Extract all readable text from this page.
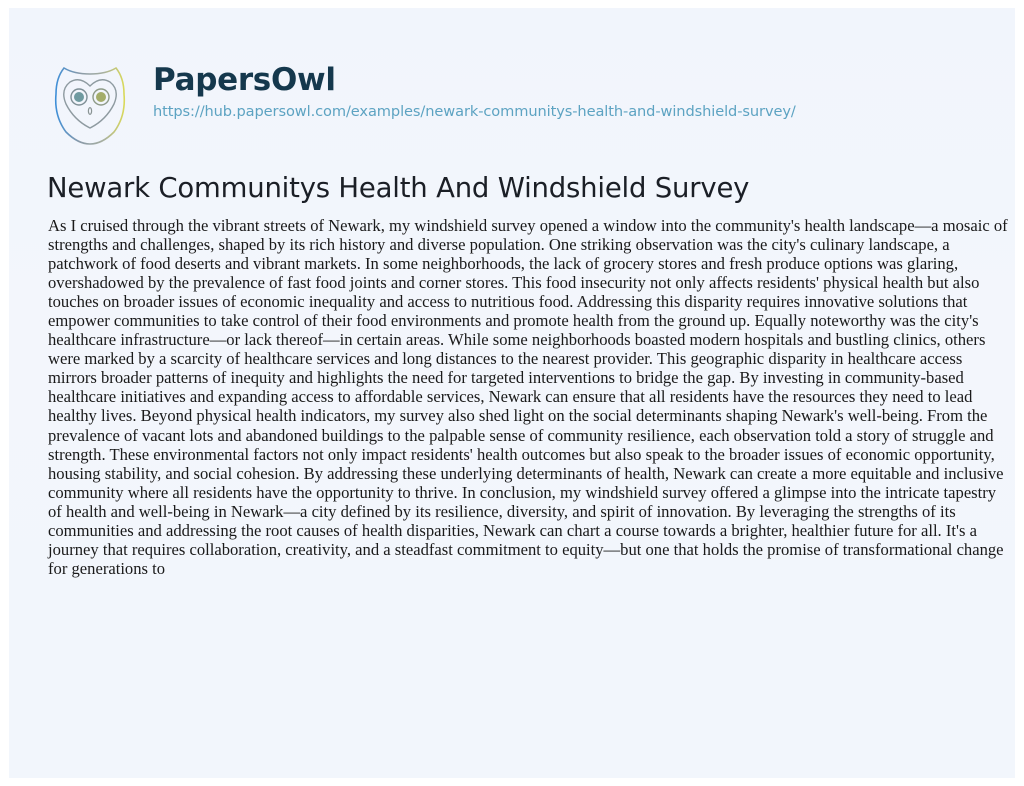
PapersOwl
https://hub.papersowl.com/examples/newark-communitys-health-and-windshield-survey/
Newark Communitys Health And Windshield Survey
As I cruised through the vibrant streets of Newark, my windshield survey opened a window into the community's health landscape—a mosaic of
strengths and challenges, shaped by its rich history and diverse population. One striking observation was the city's culinary landscape, a
patchwork of food deserts and vibrant markets. In some neighborhoods, the lack of grocery stores and fresh produce options was glaring,
overshadowed by the prevalence of fast food joints and corner stores. This food insecurity not only affects residents' physical health but also
touches on broader issues of economic inequality and access to nutritious food. Addressing this disparity requires innovative solutions that
empower communities to take control of their food environments and promote health from the ground up. Equally noteworthy was the city's
healthcare infrastructure—or lack thereof—in certain areas. While some neighborhoods boasted modern hospitals and bustling clinics, others
were marked by a scarcity of healthcare services and long distances to the nearest provider. This geographic disparity in healthcare access
mirrors broader patterns of inequity and highlights the need for targeted interventions to bridge the gap. By investing in community-based
healthcare initiatives and expanding access to affordable services, Newark can ensure that all residents have the resources they need to lead
healthy lives. Beyond physical health indicators, my survey also shed light on the social determinants shaping Newark's well-being. From the
prevalence of vacant lots and abandoned buildings to the palpable sense of community resilience, each observation told a story of struggle and
strength. These environmental factors not only impact residents' health outcomes but also speak to the broader issues of economic opportunity,
housing stability, and social cohesion. By addressing these underlying determinants of health, Newark can create a more equitable and inclusive
community where all residents have the opportunity to thrive. In conclusion, my windshield survey offered a glimpse into the intricate tapestry
of health and well-being in Newark—a city defined by its resilience, diversity, and spirit of innovation. By leveraging the strengths of its
communities and addressing the root causes of health disparities, Newark can chart a course towards a brighter, healthier future for all. It's a
journey that requires collaboration, creativity, and a steadfast commitment to equity—but one that holds the promise of transformational change
for generations to
